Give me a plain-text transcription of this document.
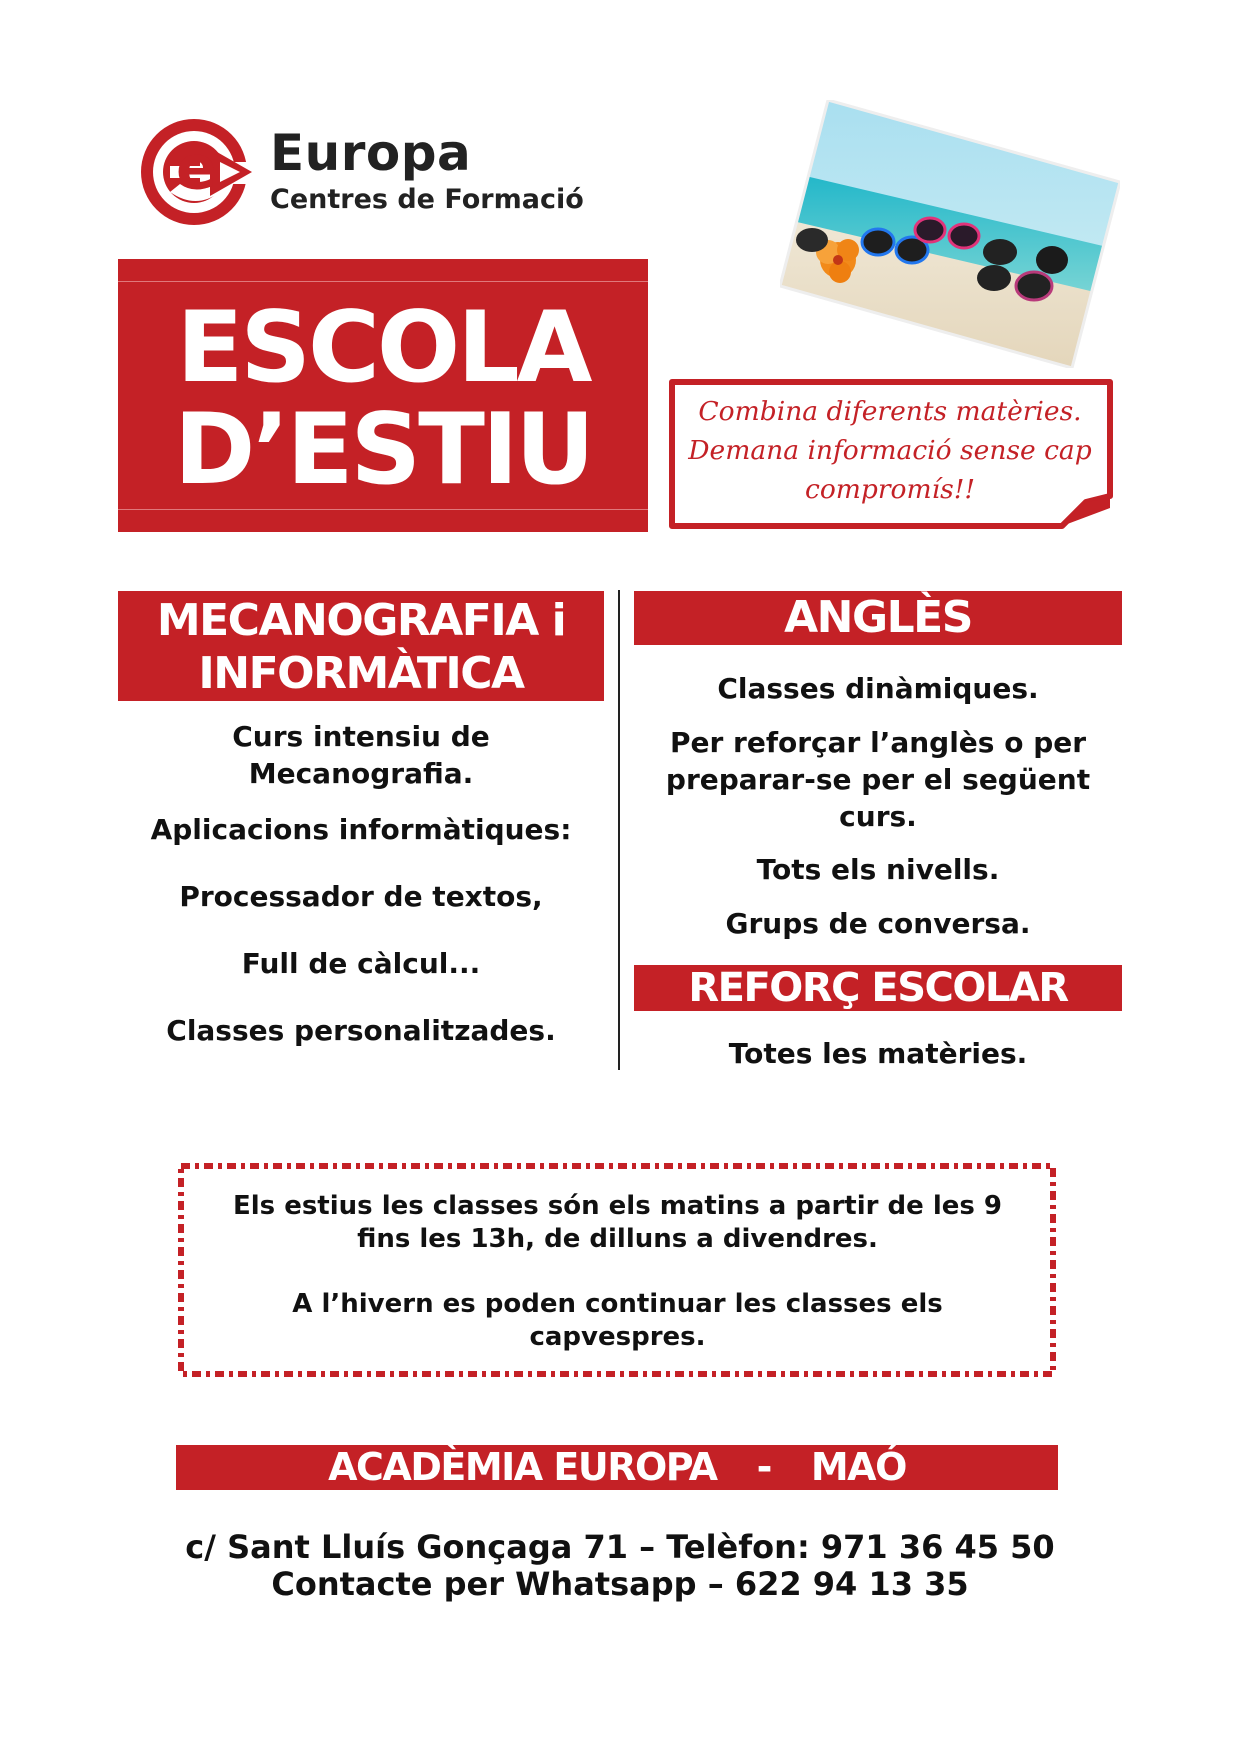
e Europa
Centres de Formació
ESCOLA
D’ESTIU	Combina diferents matèries.
Demana informació sense cap
compromís!!
MECANOGRAFIA i
INFORMÀTICA
Curs intensiu de
Mecanografia.
Aplicacions informàtiques:
Processador de textos,
Full de càlcul...
Classes personalitzades.
ANGLÈS
Classes dinàmiques.
Per reforçar l’anglès o per
preparar-se per el següent
curs.
Tots els nivells.
Grups de conversa.
REFORÇ ESCOLAR
Totes les matèries.
Els estius les classes són els matins a partir de les 9
fins les 13h, de dilluns a divendres.
A l’hivern es poden continuar les classes els
capvespres.
ACADÈMIA EUROPA - MAÓ
c/ Sant Lluís Gonçaga 71 – Telèfon: 971 36 45 50
Contacte per Whatsapp – 622 94 13 35
